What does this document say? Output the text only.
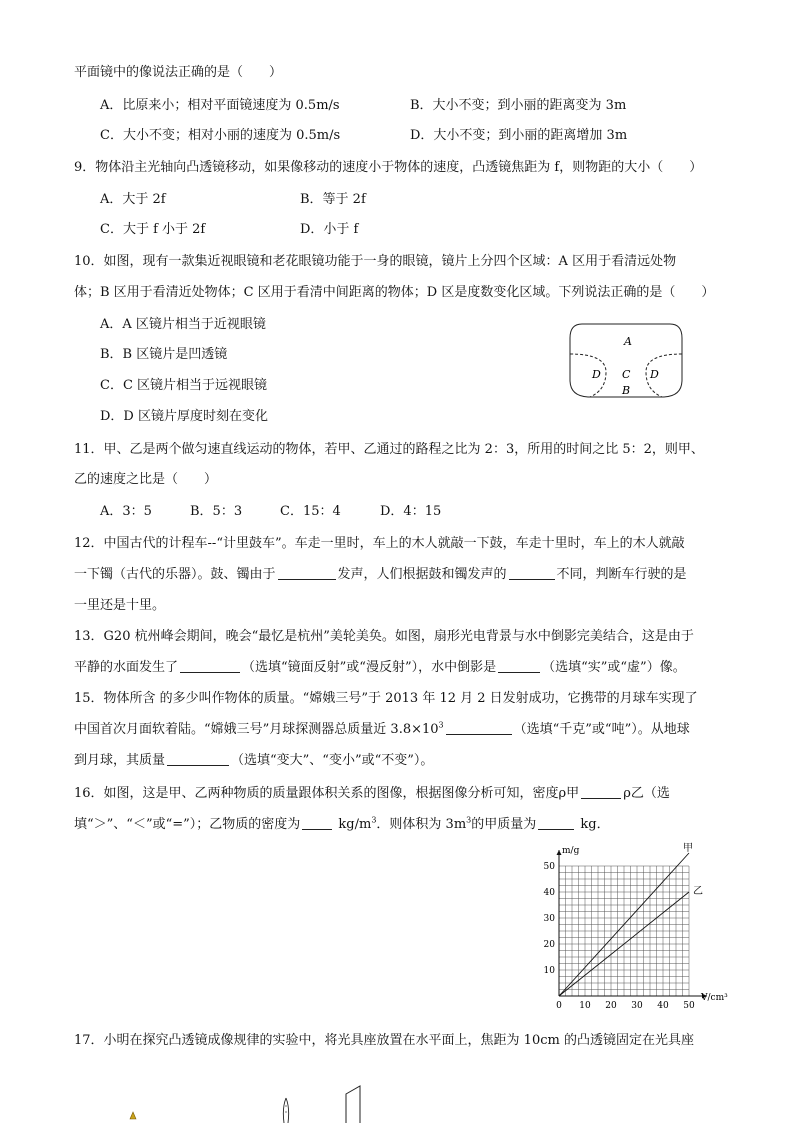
平面镜中的像说法正确的是（　　）
A．比原来小；相对平面镜速度为 0.5m/s	B．大小不变；到小丽的距离变为 3m
C．大小不变；相对小丽的速度为 0.5m/s	D．大小不变；到小丽的距离增加 3m
9．物体沿主光轴向凸透镜移动，如果像移动的速度小于物体的速度，凸透镜焦距为 f，则物距的大小（　　）
A．大于 2f	B．等于 2f
C．大于 f 小于 2f	D．小于 f
10．如图，现有一款集近视眼镜和老花眼镜功能于一身的眼镜，镜片上分四个区域：A 区用于看清远处物
体；B 区用于看清近处物体；C 区用于看清中间距离的物体；D 区是度数变化区域。下列说法正确的是（　　）
A．A 区镜片相当于近视眼镜
B．B 区镜片是凹透镜
C．C 区镜片相当于远视眼镜
D．D 区镜片厚度时刻在变化
A
D C D
B
11．甲、乙是两个做匀速直线运动的物体，若甲、乙通过的路程之比为 2：3，所用的时间之比 5：2，则甲、
乙的速度之比是（　　）
A．3：5	B．5：3	C．15：4	D．4：15
12．中国古代的计程车--“计里鼓车”。车走一里时，车上的木人就敲一下鼓，车走十里时，车上的木人就敲
一下镯（古代的乐器）。鼓、镯由于	发声，人们根据鼓和镯发声的	不同，判断车行驶的是
一里还是十里。
13．G20 杭州峰会期间，晚会“最忆是杭州”美轮美奂。如图，扇形光电背景与水中倒影完美结合，这是由于
平静的水面发生了	（选填“镜面反射”或“漫反射”），水中倒影是	（选填“实”或“虚”）像。
15．物体所含 的多少叫作物体的质量。“嫦娥三号”于 2013 年 12 月 2 日发射成功，它携带的月球车实现了
中国首次月面软着陆。“嫦娥三号”月球探测器总质量近 $3.8\times 10^3$	（选填“千克”或“吨”）。从地球
到月球，其质量	（选填“变大”、“变小”或“不变”）。
16．如图，这是甲、乙两种物质的质量跟体积关系的图像，根据图像分析可知，密度ρ甲	ρ乙（选
填“＞”、“＜”或“=”）；乙物质的密度为	$kg/m^3$．则体积为 $3m^3$的甲质量为	kg．
0 10 20 30 40 50
10
20
30
40
50
m/g
V/cm³
甲
乙
17．小明在探究凸透镜成像规律的实验中，将光具座放置在水平面上，焦距为 10cm 的凸透镜固定在光具座
